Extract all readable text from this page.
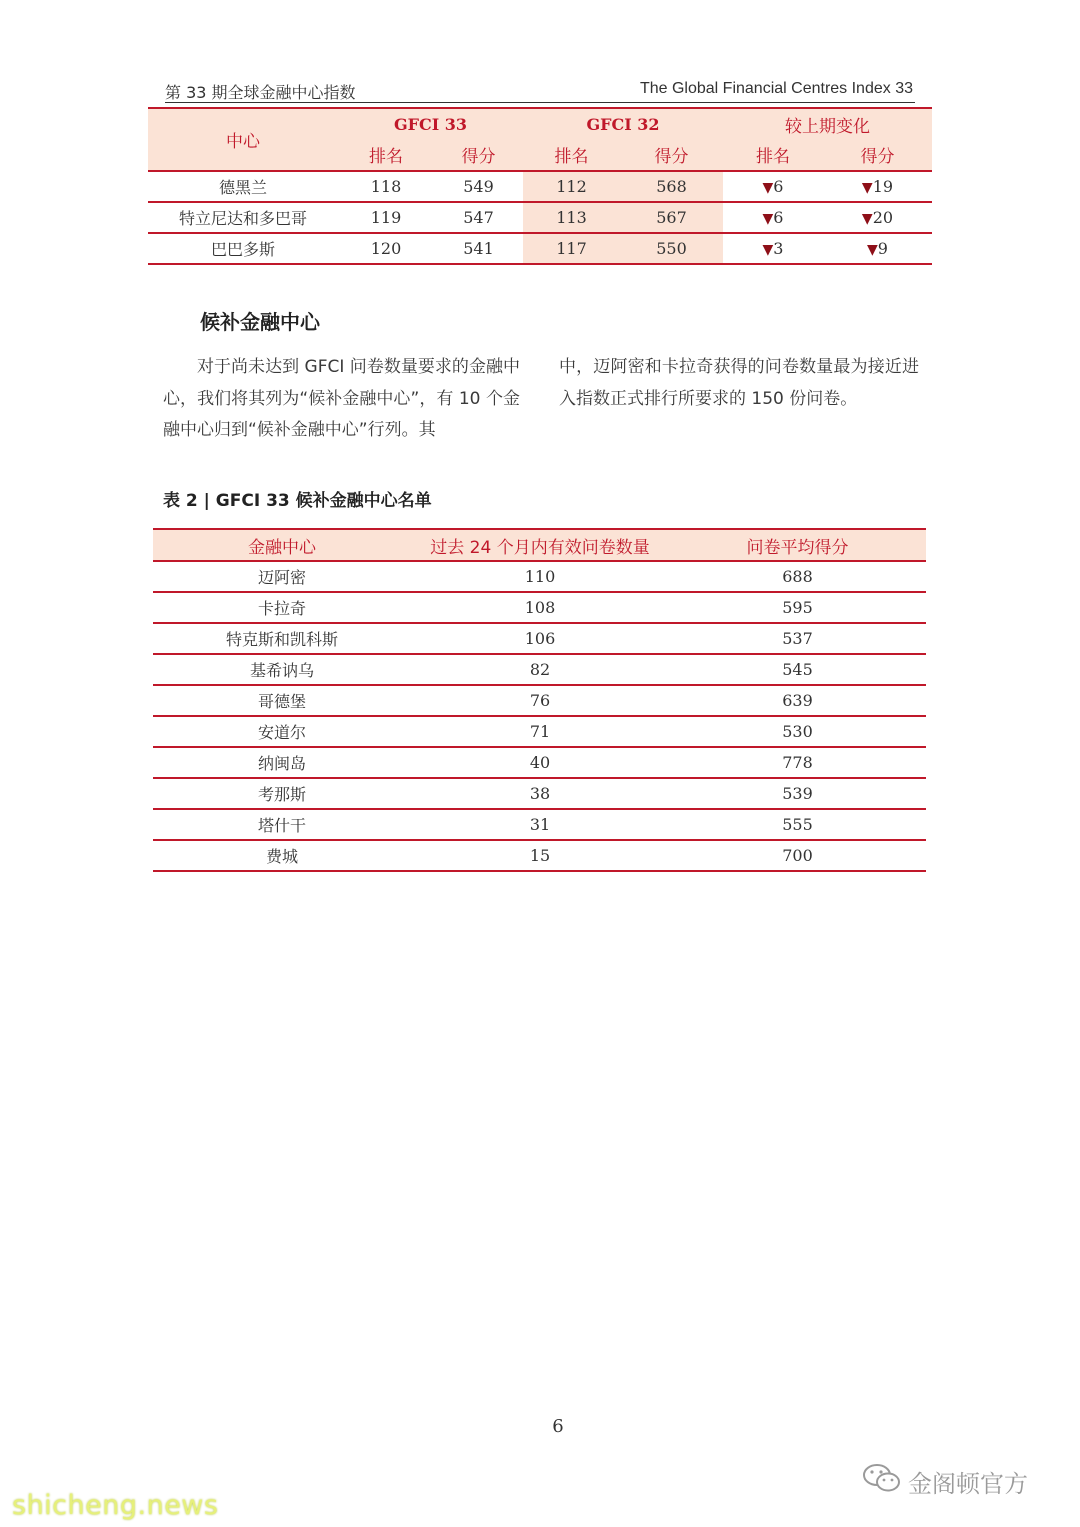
第 33 期全球金融中心指数	The Global Financial Centres Index 33
中心	GFCI 33		GFCI 32		较上期变化	
	排名	得分	排名	得分	排名	得分
德黑兰	118	549	112	568	▼6	▼19
特立尼达和多巴哥	119	547	113	567	▼6	▼20
巴巴多斯	120	541	117	550	▼3	▼9
候补金融中心
对于尚未达到 GFCI 问卷数量要求的金融中心，我们将其列为“候补金融中心”，有 10 个金融中心归到“候补金融中心”行列。其
中，迈阿密和卡拉奇获得的问卷数量最为接近进入指数正式排行所要求的 150 份问卷。
表 2 | GFCI 33 候补金融中心名单
金融中心	过去 24 个月内有效问卷数量	问卷平均得分
迈阿密	110	688
卡拉奇	108	595
特克斯和凯科斯	106	537
基希讷乌	82	545
哥德堡	76	639
安道尔	71	530
纳闽岛	40	778
考那斯	38	539
塔什干	31	555
费城	15	700
6
金阁顿官方
shicheng.news
